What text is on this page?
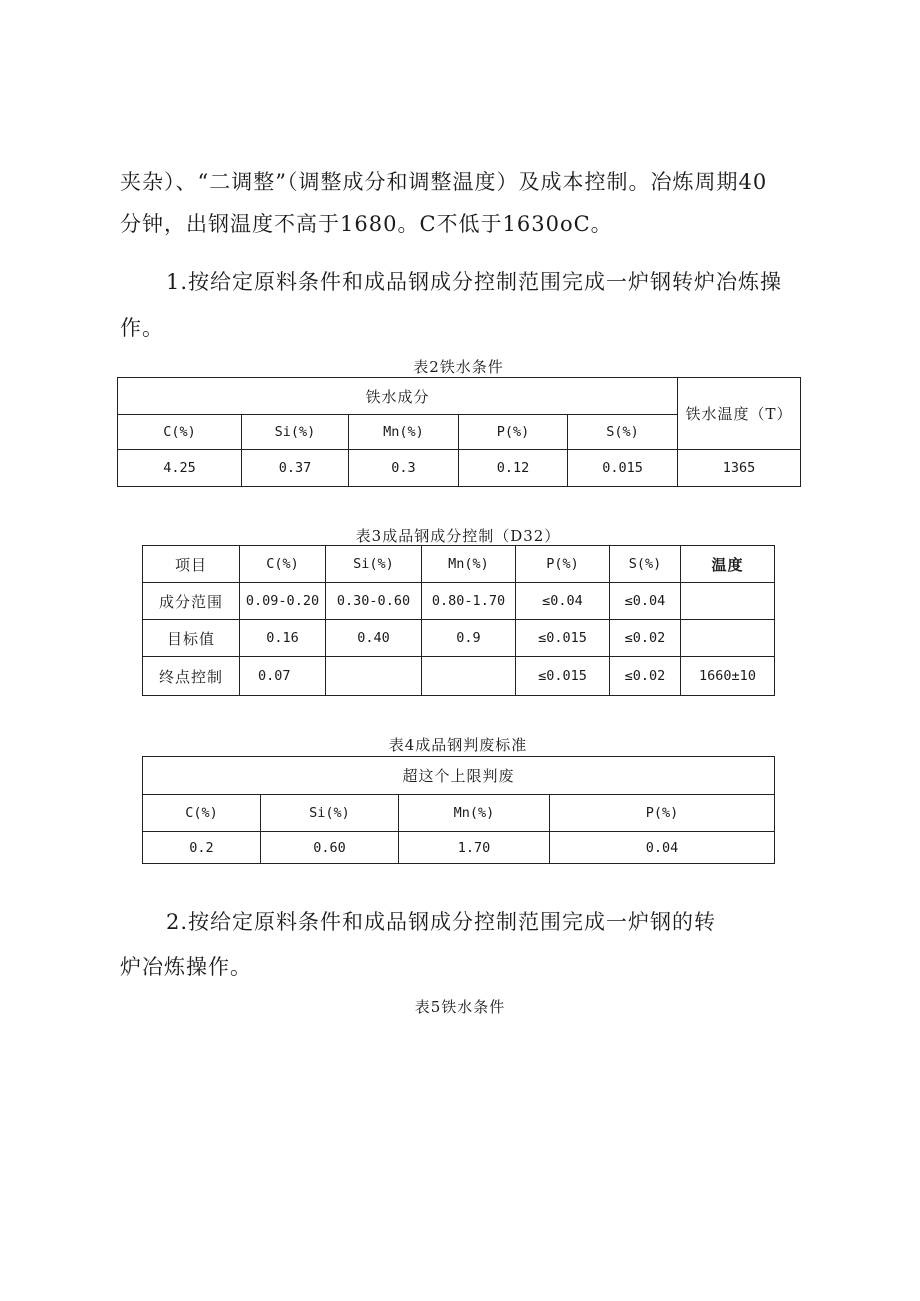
夹杂）、“二调整”（调整成分和调整温度）及成本控制。冶炼周期40
分钟，出钢温度不高于1680。C不低于1630oC。
1.按给定原料条件和成品钢成分控制范围完成一炉钢转炉冶炼操
作。
表2铁水条件
铁水成分					铁水温度（T）
C(%)	Si(%)	Mn(%)	P(%)	S(%)	
4.25	0.37	0.3	0.12	0.015	1365
表3成品钢成分控制（D32）
项目	C(%)	Si(%)	Mn(%)	P(%)	S(%)	温度
成分范围	0.09-0.20	0.30-0.60	0.80-1.70	≤0.04	≤0.04	
目标值	0.16	0.40	0.9	≤0.015	≤0.02	
终点控制	0.07			≤0.015	≤0.02	1660±10
表4成品钢判废标准
超这个上限判废			
C(%)	Si(%)	Mn(%)	P(%)
0.2	0.60	1.70	0.04
2.按给定原料条件和成品钢成分控制范围完成一炉钢的转
炉冶炼操作。
表5铁水条件
